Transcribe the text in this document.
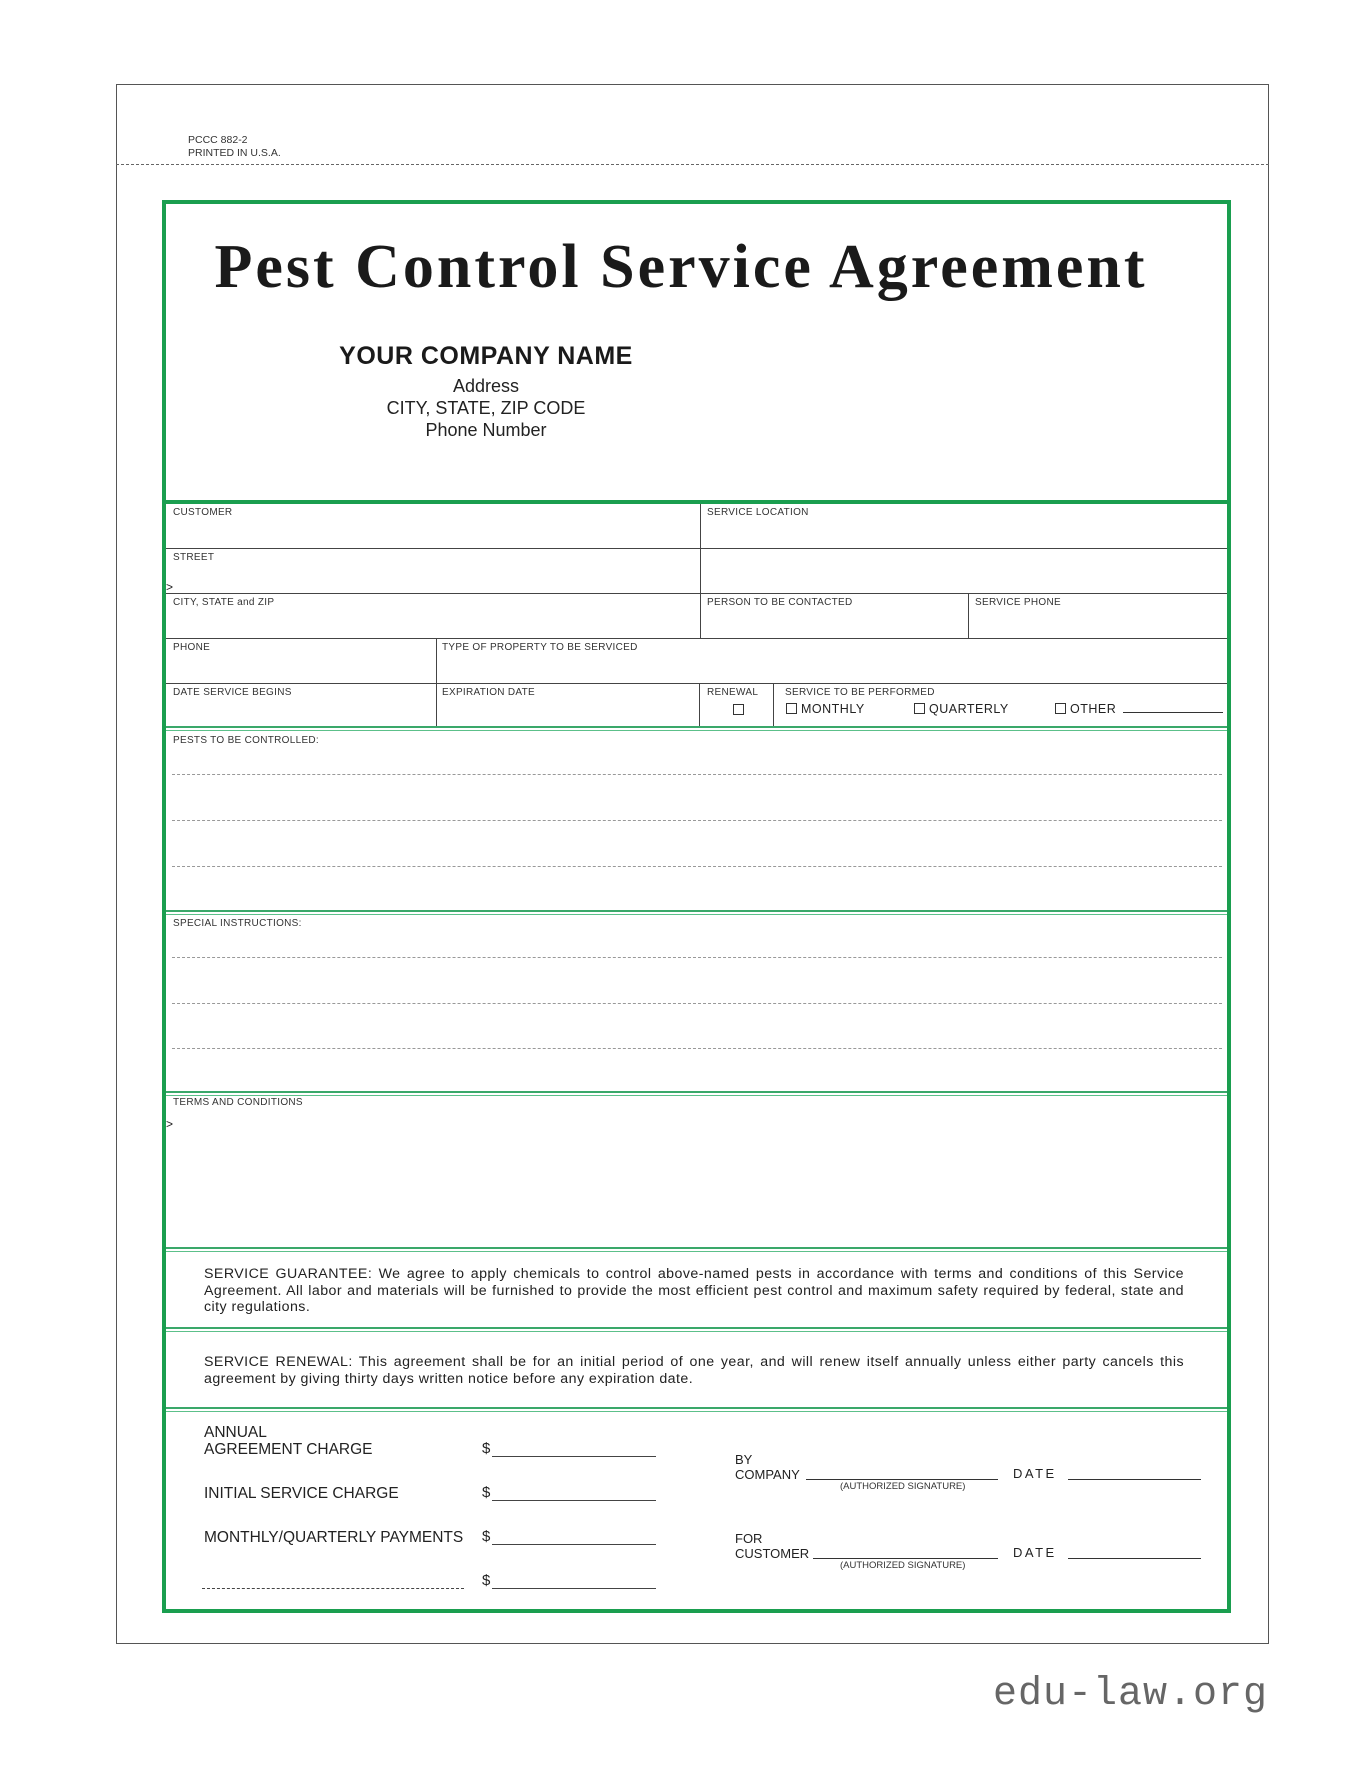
PCCC 882-2
PRINTED IN U.S.A.
Pest Control Service Agreement
YOUR COMPANY NAME
Address
CITY, STATE, ZIP CODE
Phone Number
CUSTOMER	SERVICE LOCATION
STREET
>
CITY, STATE and ZIP	PERSON TO BE CONTACTED	SERVICE PHONE
PHONE	TYPE OF PROPERTY TO BE SERVICED
DATE SERVICE BEGINS	EXPIRATION DATE	RENEWAL	SERVICE TO BE PERFORMED
MONTHLY	QUARTERLY	OTHER
PESTS TO BE CONTROLLED:
SPECIAL INSTRUCTIONS:
TERMS AND CONDITIONS
>
SERVICE GUARANTEE: We agree to apply chemicals to control above-named pests in accordance with terms and conditions of this Service Agreement. All labor and materials will be furnished to provide the most efficient pest control and maximum safety required by federal, state and city regulations.
SERVICE RENEWAL: This agreement shall be for an initial period of one year, and will renew itself annually unless either party cancels this agreement by giving thirty days written notice before any expiration date.
ANNUAL
AGREEMENT CHARGE	$
INITIAL SERVICE CHARGE	$
MONTHLY/QUARTERLY PAYMENTS $
$
BY
COMPANY
(AUTHORIZED SIGNATURE)
DATE
FOR
CUSTOMER
(AUTHORIZED SIGNATURE)
DATE
edu-law.org
